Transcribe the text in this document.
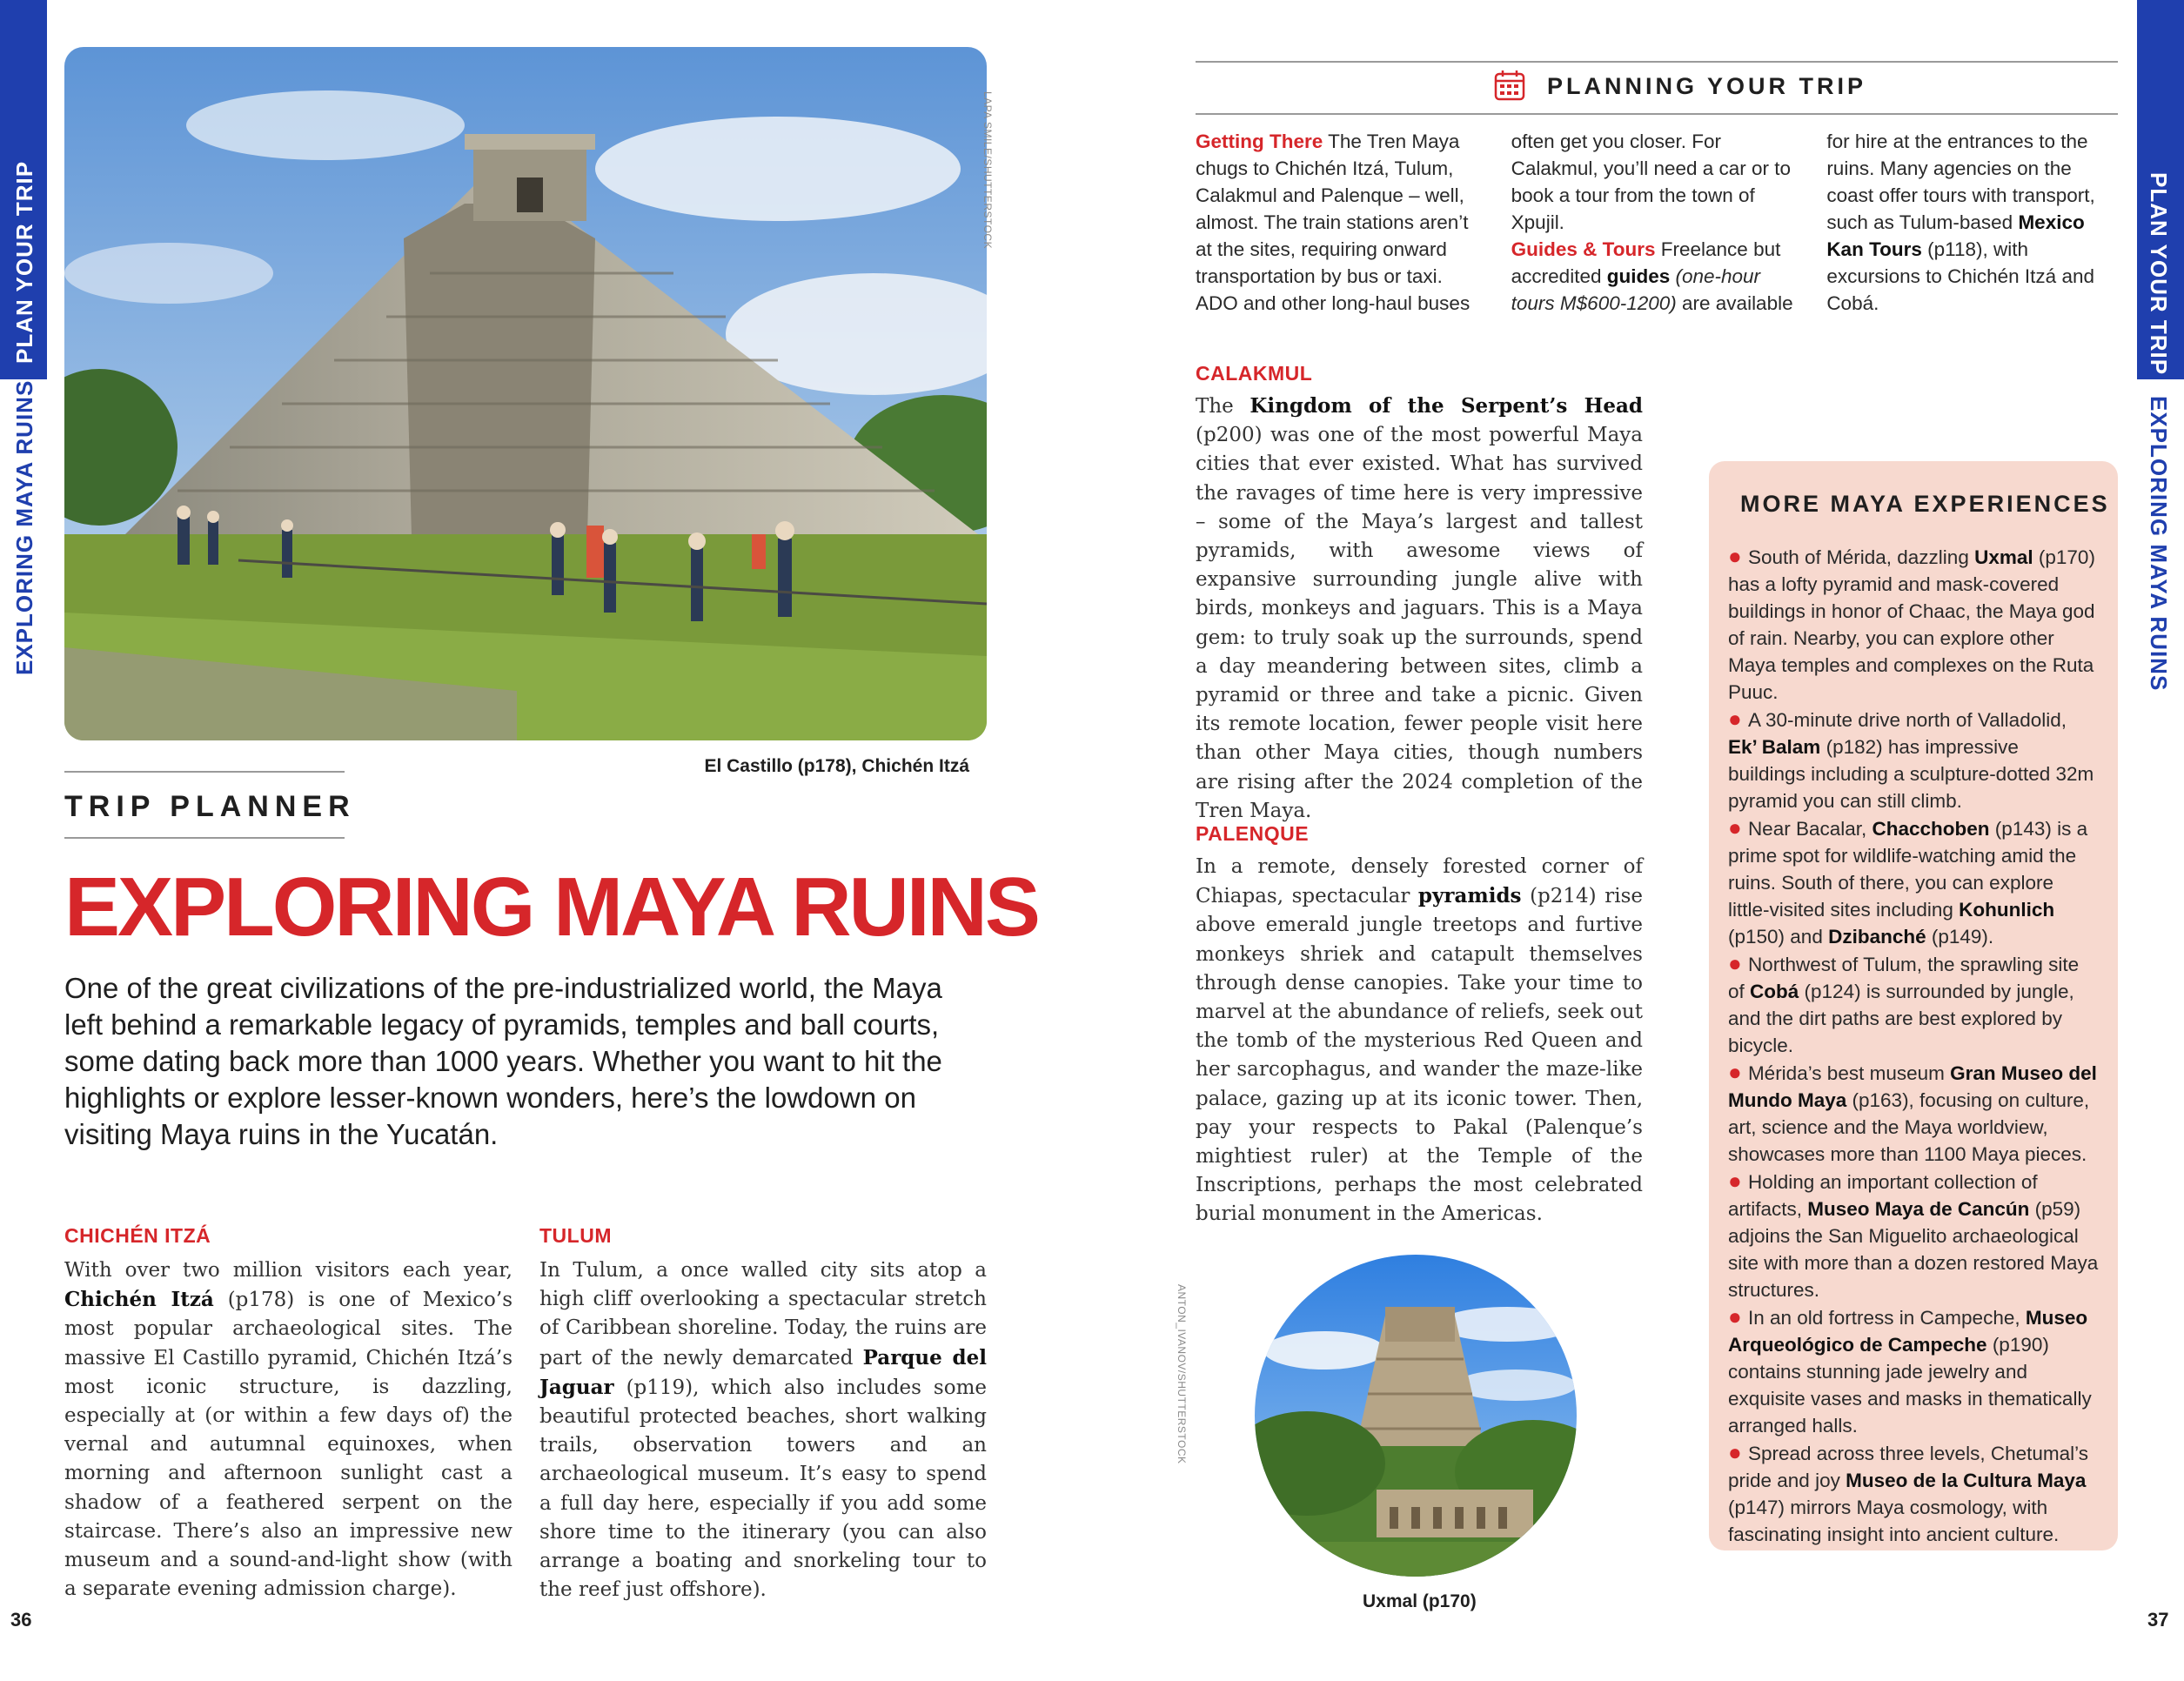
PLAN YOUR TRIP
EXPLORING MAYA RUINS
PLAN YOUR TRIP
EXPLORING MAYA RUINS
LAPA SMILE/SHUTTERSTOCK
El Castillo (p178), Chichén Itzá
TRIP PLANNER
EXPLORING MAYA RUINS
One of the great civilizations of the pre-industrialized world, the Maya left behind a remarkable legacy of pyramids, temples and ball courts, some dating back more than 1000 years. Whether you want to hit the highlights or explore lesser-known wonders, here’s the lowdown on visiting Maya ruins in the Yucatán.
CHICHÉN ITZÁ
With over two million visitors each year, Chichén Itzá (p178) is one of Mexico’s most popular archaeological sites. The massive El Castillo pyramid, Chichén Itzá’s most iconic structure, is dazzling, especially at (or within a few days of) the vernal and autumnal equinoxes, when morning and afternoon sunlight cast a shadow of a feathered serpent on the staircase. There’s also an impressive new museum and a sound-and-light show (with a separate evening admission charge).
TULUM
In Tulum, a once walled city sits atop a high cliff overlooking a spectacular stretch of Caribbean shoreline. Today, the ruins are part of the newly demarcated Parque del Jaguar (p119), which also includes some beautiful protected beaches, short walking trails, observation towers and an archaeological museum. It’s easy to spend a full day here, especially if you add some shore time to the itinerary (you can also arrange a boating and snorkeling tour to the reef just offshore).
PLANNING YOUR TRIP
Getting There The Tren Maya chugs to Chichén Itzá, Tulum, Calakmul and Palenque – well, almost. The train stations aren’t at the sites, requiring onward transportation by bus or taxi. ADO and other long-haul buses often get you closer. For Calakmul, you’ll need a car or to book a tour from the town of Xpujil.
Guides & Tours Freelance but accredited guides (one-hour tours M$600-1200) are available for hire at the entrances to the ruins. Many agencies on the coast offer tours with transport, such as Tulum-based Mexico Kan Tours (p118), with excursions to Chichén Itzá and Cobá.
CALAKMUL
The Kingdom of the Serpent’s Head (p200) was one of the most powerful Maya cities that ever existed. What has survived the ravages of time here is very impressive – some of the Maya’s largest and tallest pyramids, with awesome views of expansive surrounding jungle alive with birds, monkeys and jaguars. This is a Maya gem: to truly soak up the surrounds, spend a day meandering between sites, climb a pyramid or three and take a picnic. Given its remote location, fewer people visit here than other Maya cities, though numbers are rising after the 2024 completion of the Tren Maya.
PALENQUE
In a remote, densely forested corner of Chiapas, spectacular pyramids (p214) rise above emerald jungle treetops and furtive monkeys shriek and catapult themselves through dense canopies. Take your time to marvel at the abundance of reliefs, seek out the tomb of the mysterious Red Queen and her sarcophagus, and wander the maze-like palace, gazing up at its iconic tower. Then, pay your respects to Pakal (Palenque’s mightiest ruler) at the Temple of the Inscriptions, perhaps the most celebrated burial monument in the Americas.
ANTON_IVANOV/SHUTTERSTOCK
Uxmal (p170)
MORE MAYA EXPERIENCES

● South of Mérida, dazzling Uxmal (p170) has a lofty pyramid and mask-covered buildings in honor of Chaac, the Maya god of rain. Nearby, you can explore other Maya temples and complexes on the Ruta Puuc.

● A 30-minute drive north of Valladolid, Ek’ Balam (p182) has impressive buildings including a sculpture-dotted 32m pyramid you can still climb.

● Near Bacalar, Chacchoben (p143) is a prime spot for wildlife-watching amid the ruins. South of there, you can explore little-visited sites including Kohunlich (p150) and Dzibanché (p149).

● Northwest of Tulum, the sprawling site of Cobá (p124) is surrounded by jungle, and the dirt paths are best explored by bicycle.

● Mérida’s best museum Gran Museo del Mundo Maya (p163), focusing on culture, art, science and the Maya worldview, showcases more than 1100 Maya pieces.

● Holding an important collection of artifacts, Museo Maya de Cancún (p59) adjoins the San Miguelito archaeological site with more than a dozen restored Maya structures.

● In an old fortress in Campeche, Museo Arqueológico de Campeche (p190) contains stunning jade jewelry and exquisite vases and masks in thematically arranged halls.

● Spread across three levels, Chetumal’s pride and joy Museo de la Cultura Maya (p147) mirrors Maya cosmology, with fascinating insight into ancient culture.

36	37
